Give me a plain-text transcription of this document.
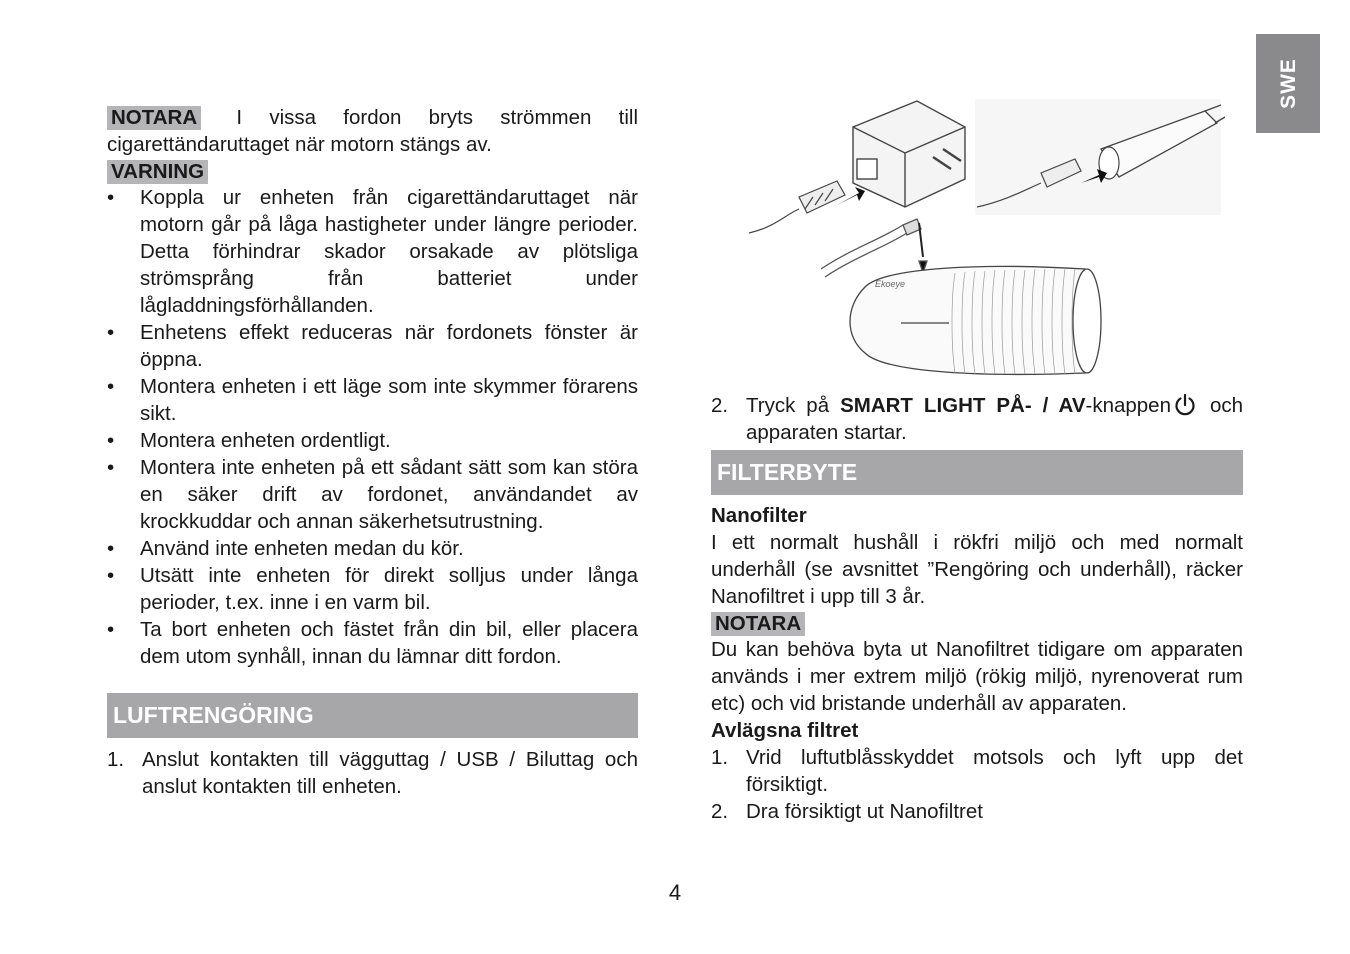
SWE

NOTARA I vissa fordon bryts strömmen till cigarettändaruttaget när motorn stängs av.

VARNING

• Koppla ur enheten från cigarettändaruttaget när motorn går på låga hastigheter under längre perioder. Detta förhindrar skador orsakade av plötsliga strömsprång från batteriet under lågladdningsförhållanden.
• Enhetens effekt reduceras när fordonets fönster är öppna.
• Montera enheten i ett läge som inte skymmer förarens sikt.
• Montera enheten ordentligt.
• Montera inte enheten på ett sådant sätt som kan störa en säker drift av fordonet, användandet av krockkuddar och annan säkerhetsutrustning.
• Använd inte enheten medan du kör.
• Utsätt inte enheten för direkt solljus under långa perioder, t.ex. inne i en varm bil.
• Ta bort enheten och fästet från din bil, eller placera dem utom synhåll, innan du lämnar ditt fordon.
LUFTRENGÖRING
1. Anslut kontakten till vägguttag / USB / Biluttag och anslut kontakten till enheten.
Ekoeye
2. Tryck på SMART LIGHT PÅ- / AV-knappen och apparaten startar.
FILTERBYTE

Nanofilter

I ett normalt hushåll i rökfri miljö och med normalt underhåll (se avsnittet ”Rengöring och underhåll), räcker Nanofiltret i upp till 3 år.

NOTARA

Du kan behöva byta ut Nanofiltret tidigare om apparaten används i mer extrem miljö (rökig miljö, nyrenoverat rum etc) och vid bristande underhåll av apparaten.

Avlägsna filtret

1. Vrid luftutblåsskyddet motsols och lyft upp det försiktigt.
2. Dra försiktigt ut Nanofiltret
4
